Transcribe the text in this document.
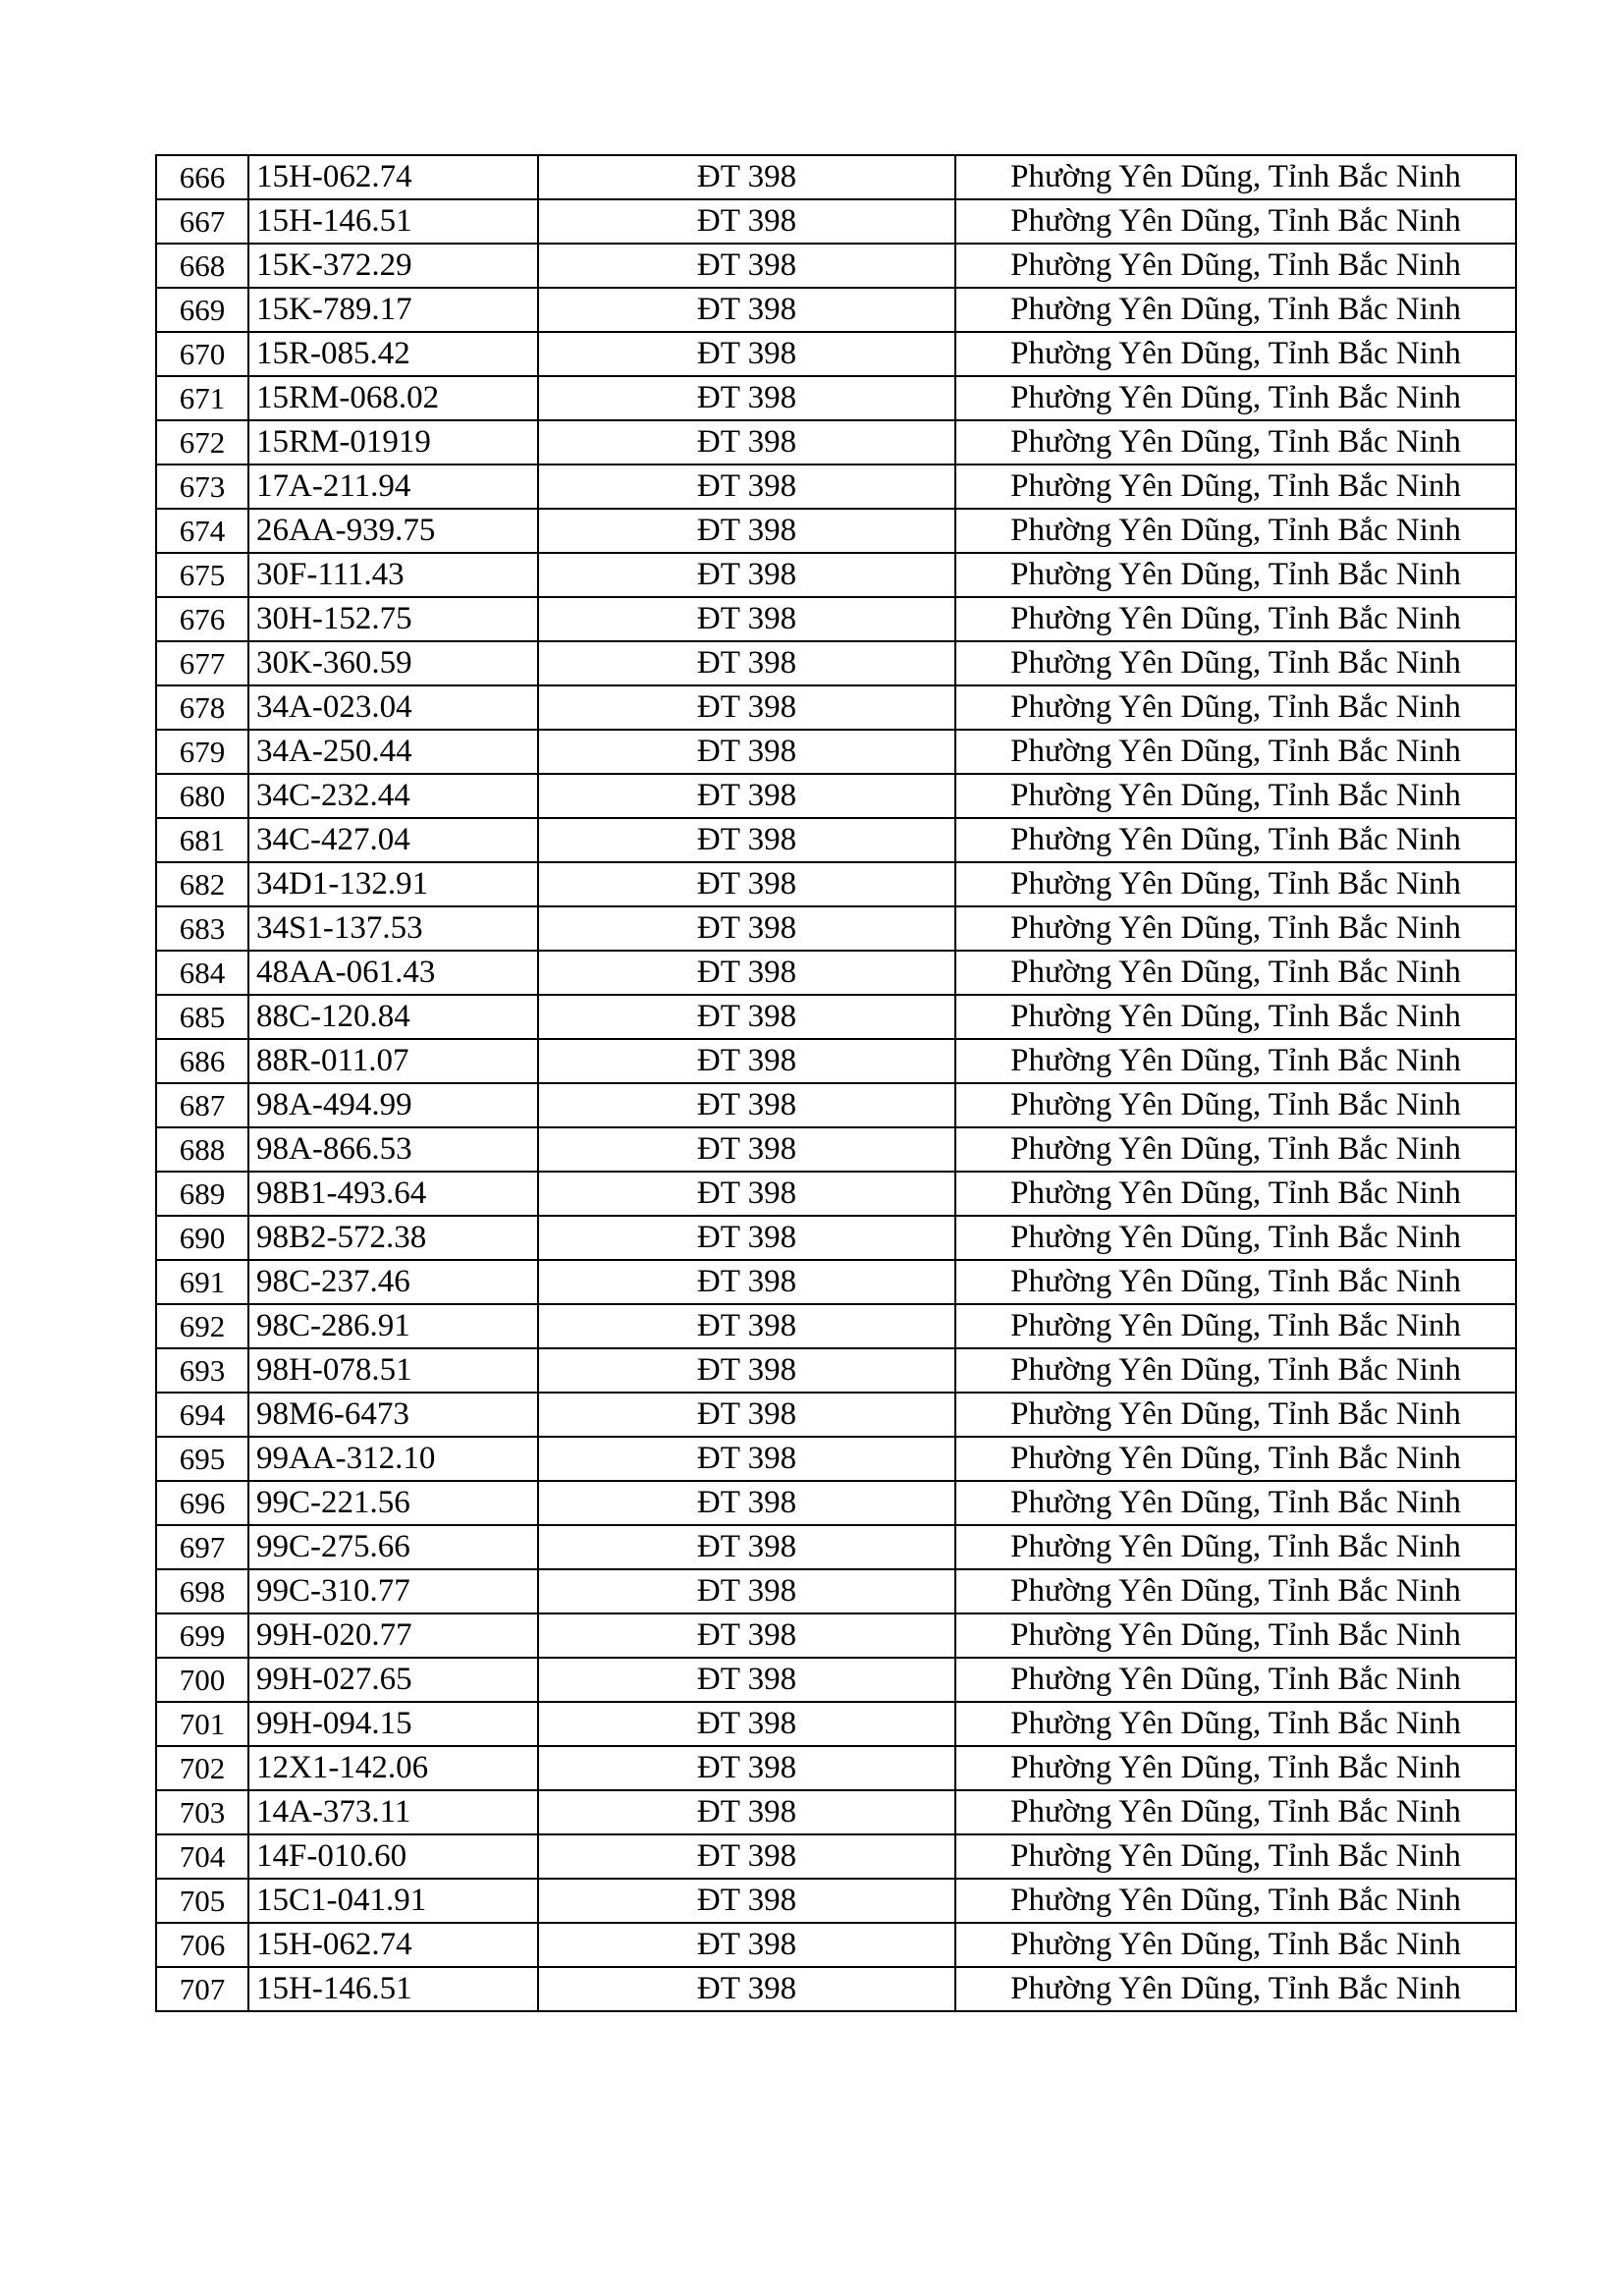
666	15H-062.74	ĐT 398	Phường Yên Dũng, Tỉnh Bắc Ninh
667	15H-146.51	ĐT 398	Phường Yên Dũng, Tỉnh Bắc Ninh
668	15K-372.29	ĐT 398	Phường Yên Dũng, Tỉnh Bắc Ninh
669	15K-789.17	ĐT 398	Phường Yên Dũng, Tỉnh Bắc Ninh
670	15R-085.42	ĐT 398	Phường Yên Dũng, Tỉnh Bắc Ninh
671	15RM-068.02	ĐT 398	Phường Yên Dũng, Tỉnh Bắc Ninh
672	15RM-01919	ĐT 398	Phường Yên Dũng, Tỉnh Bắc Ninh
673	17A-211.94	ĐT 398	Phường Yên Dũng, Tỉnh Bắc Ninh
674	26AA-939.75	ĐT 398	Phường Yên Dũng, Tỉnh Bắc Ninh
675	30F-111.43	ĐT 398	Phường Yên Dũng, Tỉnh Bắc Ninh
676	30H-152.75	ĐT 398	Phường Yên Dũng, Tỉnh Bắc Ninh
677	30K-360.59	ĐT 398	Phường Yên Dũng, Tỉnh Bắc Ninh
678	34A-023.04	ĐT 398	Phường Yên Dũng, Tỉnh Bắc Ninh
679	34A-250.44	ĐT 398	Phường Yên Dũng, Tỉnh Bắc Ninh
680	34C-232.44	ĐT 398	Phường Yên Dũng, Tỉnh Bắc Ninh
681	34C-427.04	ĐT 398	Phường Yên Dũng, Tỉnh Bắc Ninh
682	34D1-132.91	ĐT 398	Phường Yên Dũng, Tỉnh Bắc Ninh
683	34S1-137.53	ĐT 398	Phường Yên Dũng, Tỉnh Bắc Ninh
684	48AA-061.43	ĐT 398	Phường Yên Dũng, Tỉnh Bắc Ninh
685	88C-120.84	ĐT 398	Phường Yên Dũng, Tỉnh Bắc Ninh
686	88R-011.07	ĐT 398	Phường Yên Dũng, Tỉnh Bắc Ninh
687	98A-494.99	ĐT 398	Phường Yên Dũng, Tỉnh Bắc Ninh
688	98A-866.53	ĐT 398	Phường Yên Dũng, Tỉnh Bắc Ninh
689	98B1-493.64	ĐT 398	Phường Yên Dũng, Tỉnh Bắc Ninh
690	98B2-572.38	ĐT 398	Phường Yên Dũng, Tỉnh Bắc Ninh
691	98C-237.46	ĐT 398	Phường Yên Dũng, Tỉnh Bắc Ninh
692	98C-286.91	ĐT 398	Phường Yên Dũng, Tỉnh Bắc Ninh
693	98H-078.51	ĐT 398	Phường Yên Dũng, Tỉnh Bắc Ninh
694	98M6-6473	ĐT 398	Phường Yên Dũng, Tỉnh Bắc Ninh
695	99AA-312.10	ĐT 398	Phường Yên Dũng, Tỉnh Bắc Ninh
696	99C-221.56	ĐT 398	Phường Yên Dũng, Tỉnh Bắc Ninh
697	99C-275.66	ĐT 398	Phường Yên Dũng, Tỉnh Bắc Ninh
698	99C-310.77	ĐT 398	Phường Yên Dũng, Tỉnh Bắc Ninh
699	99H-020.77	ĐT 398	Phường Yên Dũng, Tỉnh Bắc Ninh
700	99H-027.65	ĐT 398	Phường Yên Dũng, Tỉnh Bắc Ninh
701	99H-094.15	ĐT 398	Phường Yên Dũng, Tỉnh Bắc Ninh
702	12X1-142.06	ĐT 398	Phường Yên Dũng, Tỉnh Bắc Ninh
703	14A-373.11	ĐT 398	Phường Yên Dũng, Tỉnh Bắc Ninh
704	14F-010.60	ĐT 398	Phường Yên Dũng, Tỉnh Bắc Ninh
705	15C1-041.91	ĐT 398	Phường Yên Dũng, Tỉnh Bắc Ninh
706	15H-062.74	ĐT 398	Phường Yên Dũng, Tỉnh Bắc Ninh
707	15H-146.51	ĐT 398	Phường Yên Dũng, Tỉnh Bắc Ninh
